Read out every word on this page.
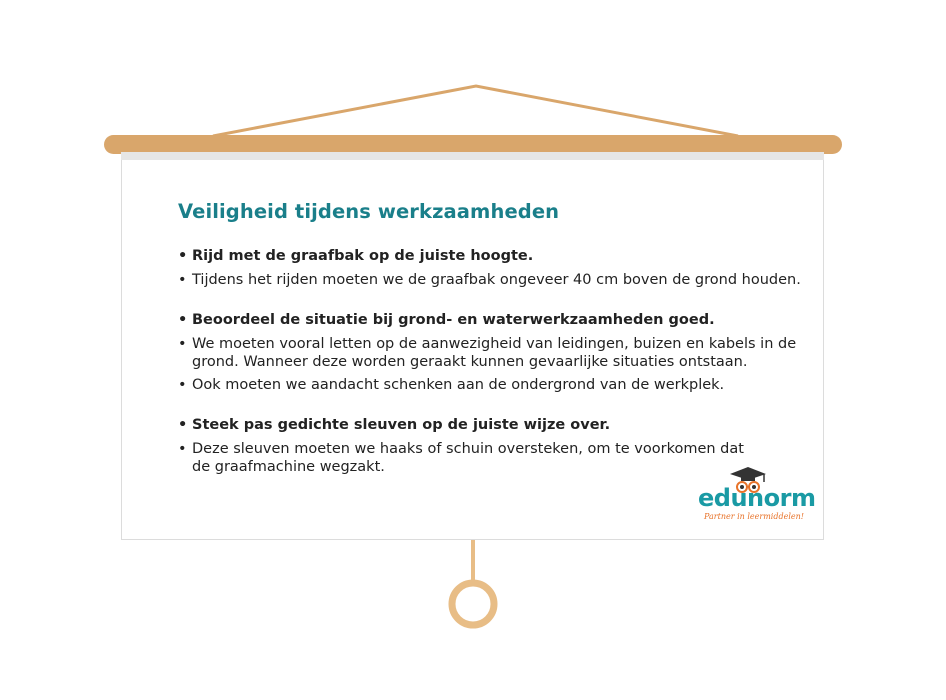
Veiligheid tijdens werkzaamheden
• Rijd met de graafbak op de juiste hoogte.
• Tijdens het rijden moeten we de graafbak ongeveer 40 cm boven de grond houden.
• Beoordeel de situatie bij grond- en waterwerkzaamheden goed.
• We moeten vooral letten op de aanwezigheid van leidingen, buizen en kabels in de
grond. Wanneer deze worden geraakt kunnen gevaarlijke situaties ontstaan.
• Ook moeten we aandacht schenken aan de ondergrond van de werkplek.
• Steek pas gedichte sleuven op de juiste wijze over.
• Deze sleuven moeten we haaks of schuin oversteken, om te voorkomen dat
de graafmachine wegzakt.
edunorm
Partner in leermiddelen!
